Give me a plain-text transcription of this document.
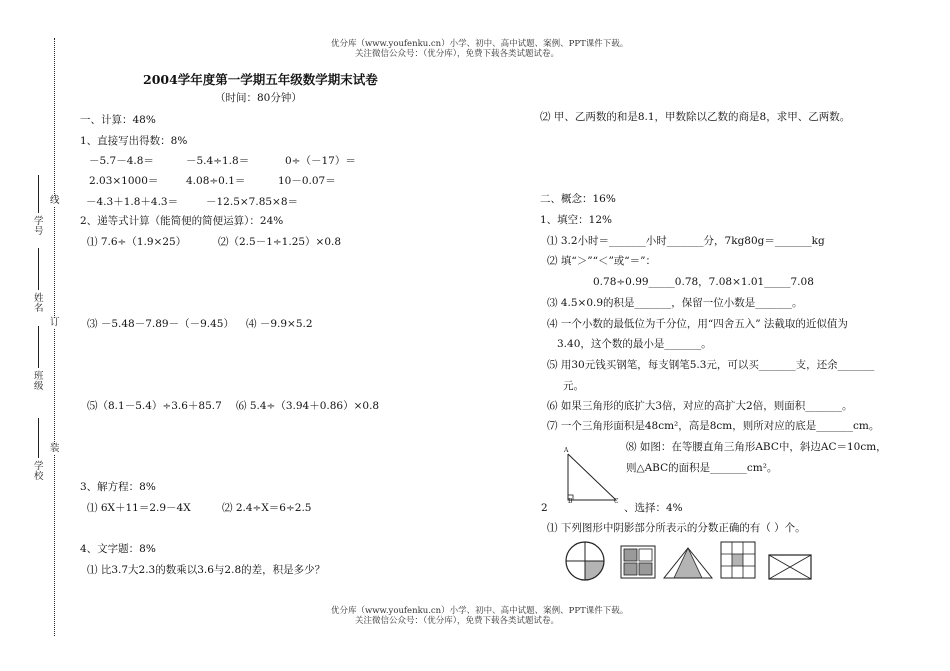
优分库（www.youfenku.cn）小学、初中、高中试题、案例、PPT课件下载。
关注微信公众号：（优分库），免费下载各类试题试卷。
学校
班级
姓名
学号
装
订
线
2004学年度第一学期五年级数学期末试卷
（时间：80分钟）
一、计算：48%
1、直接写出得数：8%
－5.7－4.8＝	－5.4÷1.8＝	0÷（－17）＝
2.03×1000＝	4.08÷0.1＝	10－0.07＝
－4.3＋1.8＋4.3＝	－12.5×7.85×8＝
2、递等式计算（能简便的简便运算）：24%
⑴ 7.6÷（1.9×25）	⑵（2.5－1÷1.25）×0.8
⑶ －5.48－7.89－（－9.45） ⑷ －9.9×5.2
⑸（8.1－5.4）÷3.6＋85.7 ⑹ 5.4÷（3.94＋0.86）×0.8
3、解方程：8%
⑴ 6X＋11＝2.9－4X	⑵ 2.4÷X＝6÷2.5
4、文字题：8%
⑴ 比3.7大2.3的数乘以3.6与2.8的差，积是多少？
⑵ 甲、乙两数的和是8.1，甲数除以乙数的商是8，求甲、乙两数。
二、概念：16%
1、填空：12%
⑴ 3.2小时＝_______小时_______分，7kg80g＝_______kg
⑵ 填“＞”“＜”或“＝”：
0.78÷0.99_____0.78，7.08×1.01_____7.08
⑶ 4.5×0.9的积是_______，保留一位小数是_______。
⑷ 一个小数的最低位为千分位，用“四舍五入” 法截取的近似值为
3.40，这个数的最小是_______。
⑸ 用30元钱买钢笔，每支钢笔5.3元，可以买_______支，还余_______
元。
⑹ 如果三角形的底扩大3倍，对应的高扩大2倍，则面积_______。
⑺ 一个三角形面积是48cm²，高是8cm，则所对应的底是_______cm。
⑻ 如图：在等腰直角三角形ABC中，斜边AC＝10cm，
则△ABC的面积是_______cm²。
A
B	C
2	、选择：4%
⑴ 下列图形中阴影部分所表示的分数正确的有（ ）个。
优分库（www.youfenku.cn）小学、初中、高中试题、案例、PPT课件下载。
关注微信公众号：（优分库），免费下载各类试题试卷。
